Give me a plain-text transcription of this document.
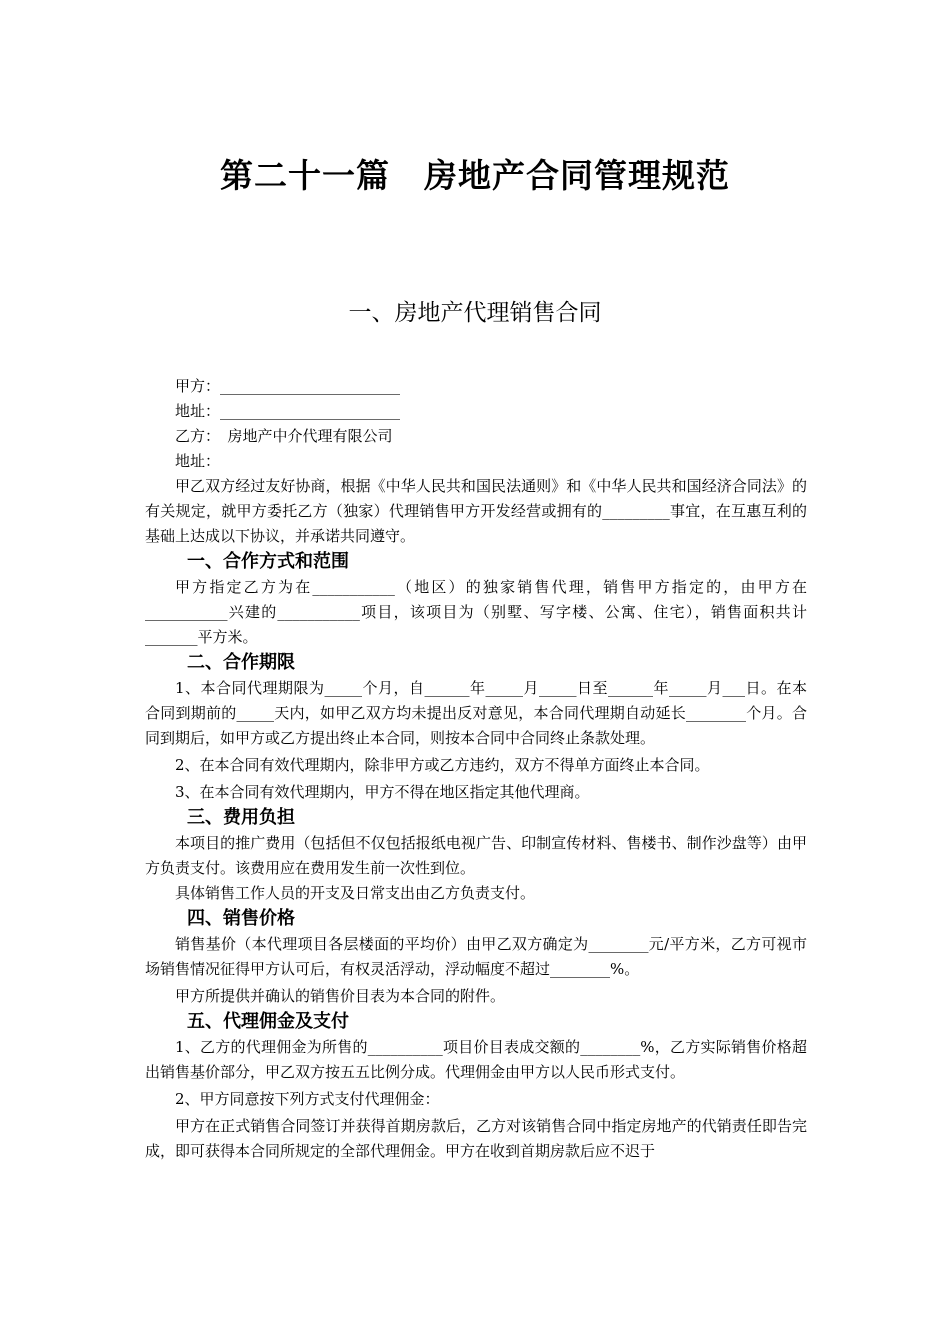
第二十一篇　房地产合同管理规范
一、房地产代理销售合同

甲方：________________________

地址：________________________

乙方：　房地产中介代理有限公司

地址：

甲乙双方经过友好协商，根据《中华人民共和国民法通则》和《中华人民共和国经济合同法》的有关规定，就甲方委托乙方（独家）代理销售甲方开发经营或拥有的_________事宜，在互惠互利的基础上达成以下协议，并承诺共同遵守。

一、合作方式和范围

甲方指定乙方为在___________（地区）的独家销售代理，销售甲方指定的，由甲方在___________兴建的___________项目，该项目为（别墅、写字楼、公寓、住宅），销售面积共计_______平方米。

二、合作期限

1、本合同代理期限为_____个月，自______年_____月_____日至______年_____月___日。在本合同到期前的_____天内，如甲乙双方均未提出反对意见，本合同代理期自动延长________个月。合同到期后，如甲方或乙方提出终止本合同，则按本合同中合同终止条款处理。

2、在本合同有效代理期内，除非甲方或乙方违约，双方不得单方面终止本合同。

3、在本合同有效代理期内，甲方不得在地区指定其他代理商。

三、费用负担

本项目的推广费用（包括但不仅包括报纸电视广告、印制宣传材料、售楼书、制作沙盘等）由甲方负责支付。该费用应在费用发生前一次性到位。

具体销售工作人员的开支及日常支出由乙方负责支付。

四、销售价格

销售基价（本代理项目各层楼面的平均价）由甲乙双方确定为________元/平方米，乙方可视市场销售情况征得甲方认可后，有权灵活浮动，浮动幅度不超过________%。

甲方所提供并确认的销售价目表为本合同的附件。

五、代理佣金及支付

1、乙方的代理佣金为所售的__________项目价目表成交额的________%，乙方实际销售价格超出销售基价部分，甲乙双方按五五比例分成。代理佣金由甲方以人民币形式支付。

2、甲方同意按下列方式支付代理佣金：

甲方在正式销售合同签订并获得首期房款后，乙方对该销售合同中指定房地产的代销责任即告完成，即可获得本合同所规定的全部代理佣金。甲方在收到首期房款后应不迟于
